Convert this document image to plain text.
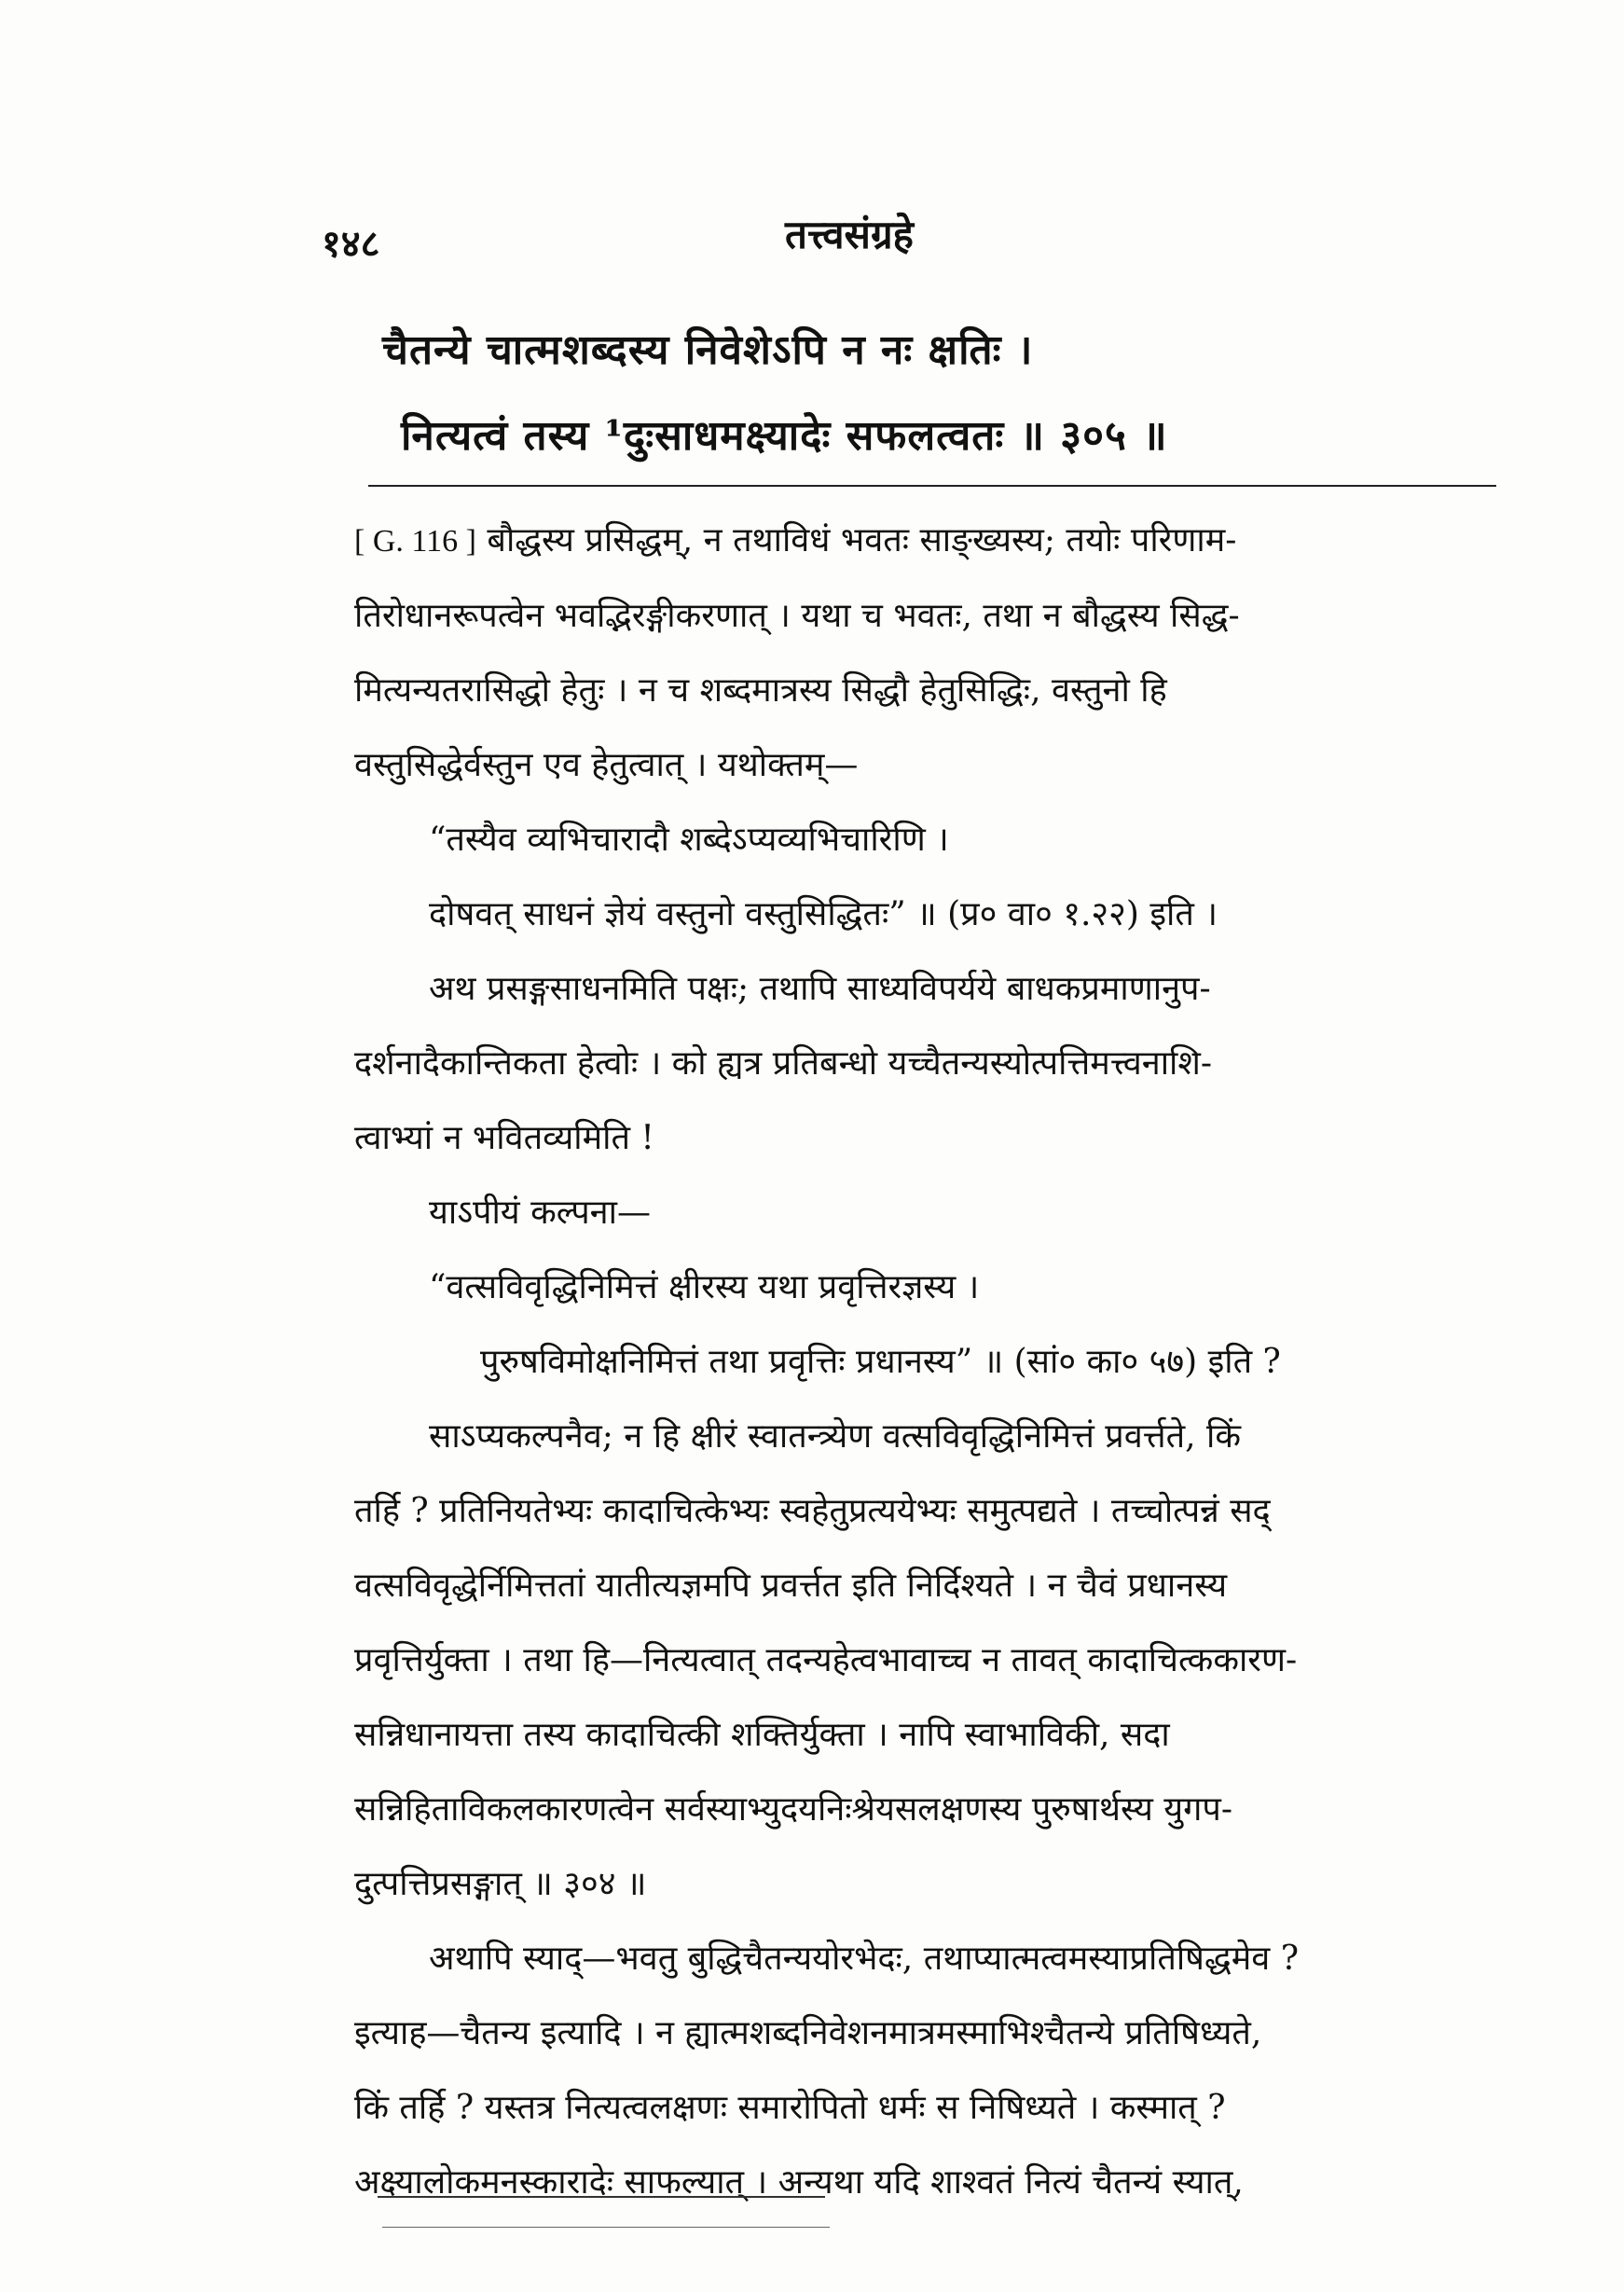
१४८	तत्त्वसंग्रहे
चैतन्ये चात्मशब्दस्य निवेशेऽपि न नः क्षतिः ।
नित्यत्वं तस्य ¹दुःसाधमक्ष्यादेः सफलत्वतः ॥ ३०५ ॥
[ G. 116 ] बौद्धस्य प्रसिद्धम्, न तथाविधं भवतः साङ्ख्यस्य; तयोः परिणाम-
तिरोधानरूपत्वेन भवद्भिरङ्गीकरणात् । यथा च भवतः, तथा न बौद्धस्य सिद्ध-
मित्यन्यतरासिद्धो हेतुः । न च शब्दमात्रस्य सिद्धौ हेतुसिद्धिः, वस्तुनो हि
वस्तुसिद्धेर्वस्तुन एव हेतुत्वात् । यथोक्तम्—
“तस्यैव व्यभिचारादौ शब्देऽप्यव्यभिचारिणि ।
दोषवत् साधनं ज्ञेयं वस्तुनो वस्तुसिद्धितः” ॥ (प्र० वा० १.२२) इति ।
अथ प्रसङ्गसाधनमिति पक्षः; तथापि साध्यविपर्यये बाधकप्रमाणानुप-
दर्शनादैकान्तिकता हेत्वोः । को ह्यत्र प्रतिबन्धो यच्चैतन्यस्योत्पत्तिमत्त्वनाशि-
त्वाभ्यां न भवितव्यमिति !
याऽपीयं कल्पना—
“वत्सविवृद्धिनिमित्तं क्षीरस्य यथा प्रवृत्तिरज्ञस्य ।
पुरुषविमोक्षनिमित्तं तथा प्रवृत्तिः प्रधानस्य” ॥ (सां० का० ५७) इति ?
साऽप्यकल्पनैव; न हि क्षीरं स्वातन्त्र्येण वत्सविवृद्धिनिमित्तं प्रवर्त्तते, किं
तर्हि ? प्रतिनियतेभ्यः कादाचित्केभ्यः स्वहेतुप्रत्ययेभ्यः समुत्पद्यते । तच्चोत्पन्नं सद्
वत्सविवृद्धेर्निमित्ततां यातीत्यज्ञमपि प्रवर्त्तत इति निर्दिश्यते । न चैवं प्रधानस्य
प्रवृत्तिर्युक्ता । तथा हि—नित्यत्वात् तदन्यहेत्वभावाच्च न तावत् कादाचित्ककारण-
सन्निधानायत्ता तस्य कादाचित्की शक्तिर्युक्ता । नापि स्वाभाविकी, सदा
सन्निहिताविकलकारणत्वेन सर्वस्याभ्युदयनिःश्रेयसलक्षणस्य पुरुषार्थस्य युगप-
दुत्पत्तिप्रसङ्गात् ॥ ३०४ ॥
अथापि स्याद्—भवतु बुद्धिचैतन्ययोरभेदः, तथाप्यात्मत्वमस्याप्रतिषिद्धमेव ?
इत्याह—चैतन्य इत्यादि । न ह्यात्मशब्दनिवेशनमात्रमस्माभिश्चैतन्ये प्रतिषिध्यते,
किं तर्हि ? यस्तत्र नित्यत्वलक्षणः समारोपितो धर्मः स निषिध्यते । कस्मात् ?
अक्ष्यालोकमनस्कारादेः साफल्यात् । अन्यथा यदि शाश्वतं नित्यं चैतन्यं स्यात्,
